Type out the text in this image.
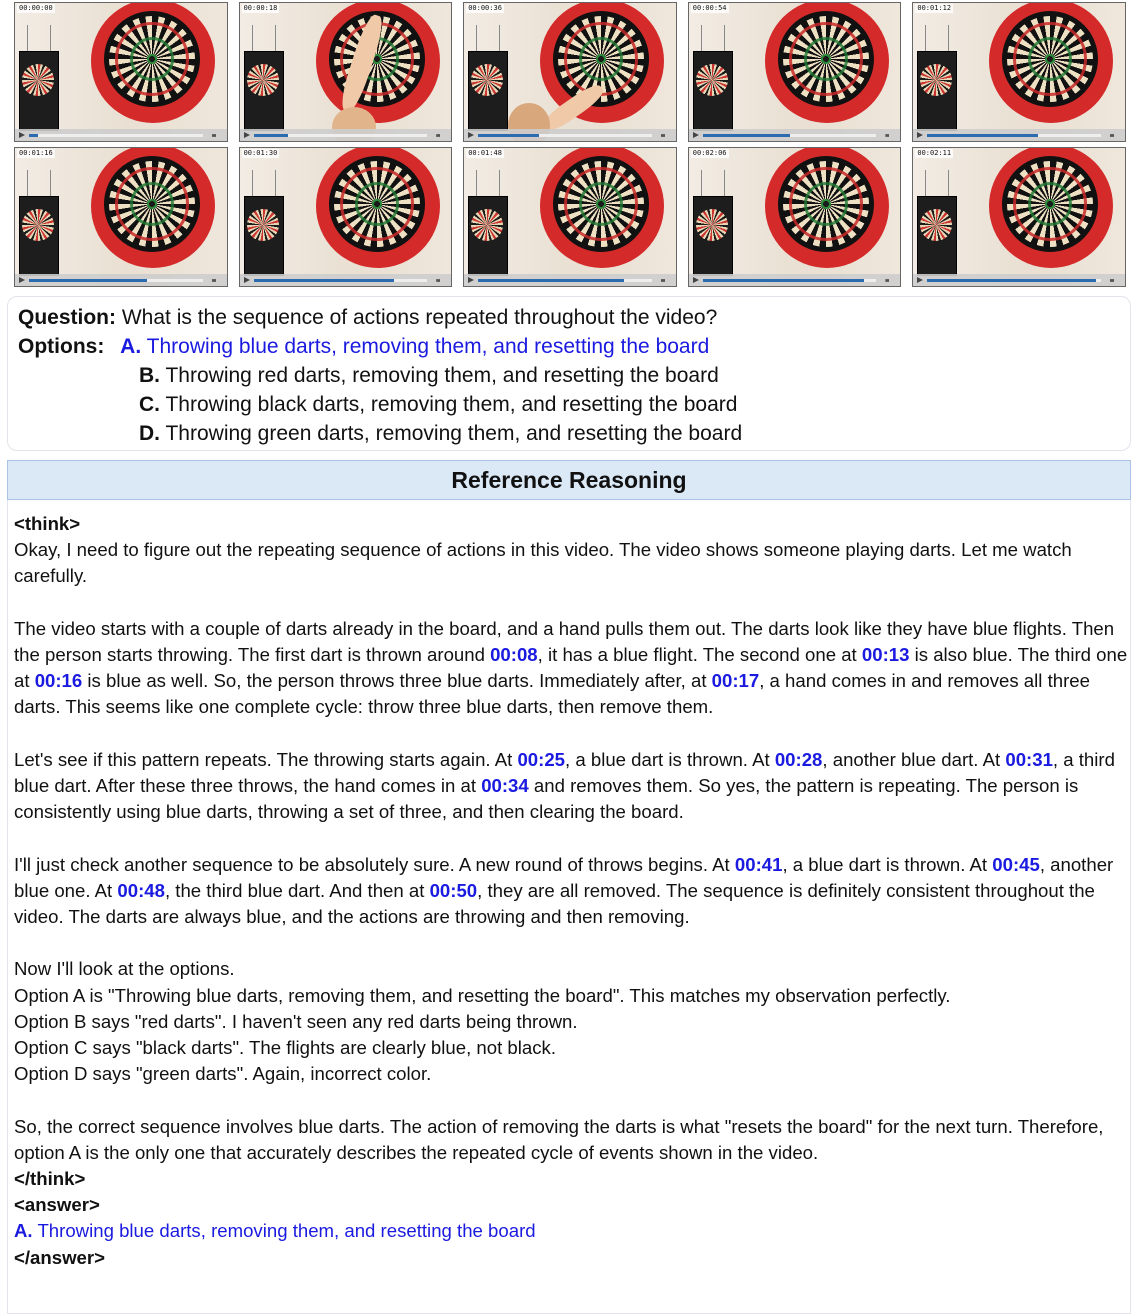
00:00:00	00:00:18	00:00:36	00:00:54	00:01:12
00:01:16	00:01:30	00:01:48	00:02:06	00:02:11
Question: What is the sequence of actions repeated throughout the video?
Options: A. Throwing blue darts, removing them, and resetting the board
B. Throwing red darts, removing them, and resetting the board
C. Throwing black darts, removing them, and resetting the board
D. Throwing green darts, removing them, and resetting the board
Reference Reasoning

<think>

Okay, I need to figure out the repeating sequence of actions in this video. The video shows someone playing darts. Let me watch carefully.

The video starts with a couple of darts already in the board, and a hand pulls them out. The darts look like they have blue flights. Then the person starts throwing. The first dart is thrown around 00:08, it has a blue flight. The second one at 00:13 is also blue. The third one at 00:16 is blue as well. So, the person throws three blue darts. Immediately after, at 00:17, a hand comes in and removes all three darts. This seems like one complete cycle: throw three blue darts, then remove them.

Let's see if this pattern repeats. The throwing starts again. At 00:25, a blue dart is thrown. At 00:28, another blue dart. At 00:31, a third blue dart. After these three throws, the hand comes in at 00:34 and removes them. So yes, the pattern is repeating. The person is consistently using blue darts, throwing a set of three, and then clearing the board.

I'll just check another sequence to be absolutely sure. A new round of throws begins. At 00:41, a blue dart is thrown. At 00:45, another blue one. At 00:48, the third blue dart. And then at 00:50, they are all removed. The sequence is definitely consistent throughout the video. The darts are always blue, and the actions are throwing and then removing.

Now I'll look at the options.

Option A is "Throwing blue darts, removing them, and resetting the board". This matches my observation perfectly.

Option B says "red darts". I haven't seen any red darts being thrown.

Option C says "black darts". The flights are clearly blue, not black.

Option D says "green darts". Again, incorrect color.

So, the correct sequence involves blue darts. The action of removing the darts is what "resets the board" for the next turn. Therefore, option A is the only one that accurately describes the repeated cycle of events shown in the video.

</think>

<answer>

A. Throwing blue darts, removing them, and resetting the board

</answer>
